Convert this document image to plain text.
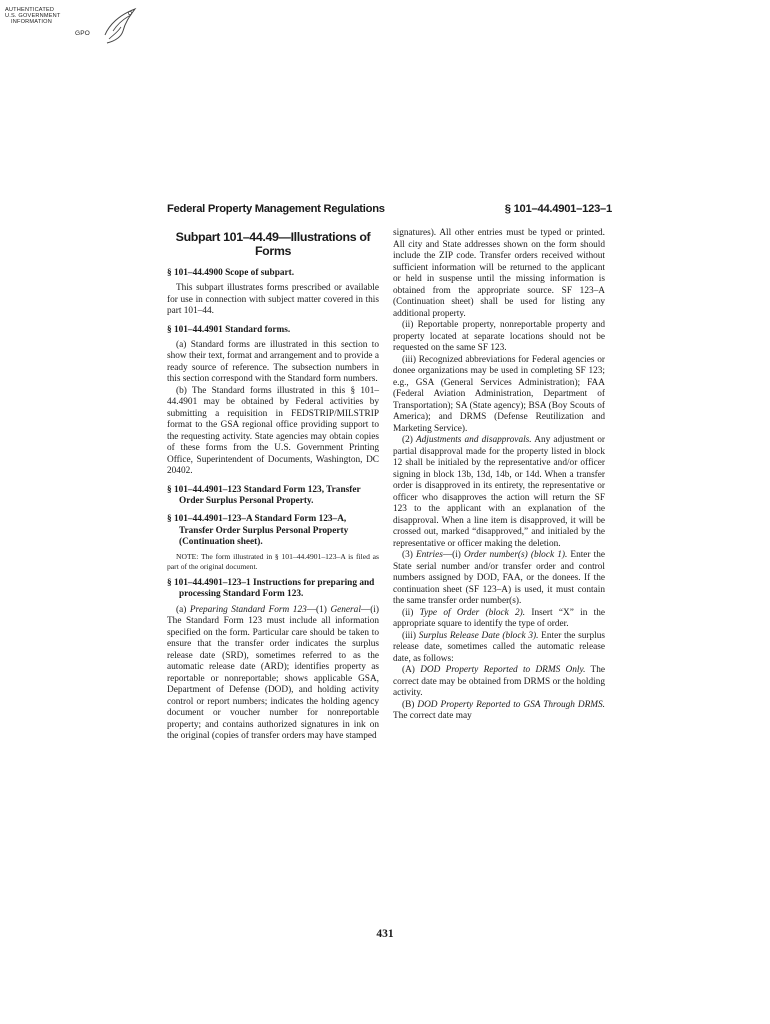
AUTHENTICATED
U.S. GOVERNMENT
INFORMATION
GPO
Federal Property Management Regulations	§ 101–44.4901–123–1
Subpart 101–44.49—Illustrations of Forms
§ 101–44.4900 Scope of subpart.

This subpart illustrates forms prescribed or available for use in connection with subject matter covered in this part 101–44.

§ 101–44.4901 Standard forms.

(a) Standard forms are illustrated in this section to show their text, format and arrangement and to provide a ready source of reference. The subsection numbers in this section correspond with the Standard form numbers.

(b) The Standard forms illustrated in this § 101–44.4901 may be obtained by Federal activities by submitting a requisition in FEDSTRIP/MILSTRIP format to the GSA regional office providing support to the requesting activity. State agencies may obtain copies of these forms from the U.S. Government Printing Office, Superintendent of Documents, Washington, DC 20402.

§ 101–44.4901–123 Standard Form 123, Transfer Order Surplus Personal Property.
§ 101–44.4901–123–A Standard Form 123–A, Transfer Order Surplus Personal Property (Continuation sheet).

NOTE: The form illustrated in § 101–44.4901–123–A is filed as part of the original document.

§ 101–44.4901–123–1 Instructions for preparing and processing Standard Form 123.

(a) Preparing Standard Form 123—(1) General—(i) The Standard Form 123 must include all information specified on the form. Particular care should be taken to ensure that the transfer order indicates the surplus release date (SRD), sometimes referred to as the automatic release date (ARD); identifies property as reportable or nonreportable; shows applicable GSA, Department of Defense (DOD), and holding activity control or report numbers; indicates the holding agency document or voucher number for nonreportable property; and contains authorized signatures in ink on the original (copies of transfer orders may have stamped

signatures). All other entries must be typed or printed. All city and State addresses shown on the form should include the ZIP code. Transfer orders received without sufficient information will be returned to the applicant or held in suspense until the missing information is obtained from the appropriate source. SF 123–A (Continuation sheet) shall be used for listing any additional property.

(ii) Reportable property, nonreportable property and property located at separate locations should not be requested on the same SF 123.

(iii) Recognized abbreviations for Federal agencies or donee organizations may be used in completing SF 123; e.g., GSA (General Services Administration); FAA (Federal Aviation Administration, Department of Transportation); SA (State agency); BSA (Boy Scouts of America); and DRMS (Defense Reutilization and Marketing Service).

(2) Adjustments and disapprovals. Any adjustment or partial disapproval made for the property listed in block 12 shall be initialed by the representative and/or officer signing in block 13b, 13d, 14b, or 14d. When a transfer order is disapproved in its entirety, the representative or officer who disapproves the action will return the SF 123 to the applicant with an explanation of the disapproval. When a line item is disapproved, it will be crossed out, marked “disapproved,” and initialed by the representative or officer making the deletion.

(3) Entries—(i) Order number(s) (block 1). Enter the State serial number and/or transfer order and control numbers assigned by DOD, FAA, or the donees. If the continuation sheet (SF 123–A) is used, it must contain the same transfer order number(s).

(ii) Type of Order (block 2). Insert “X” in the appropriate square to identify the type of order.

(iii) Surplus Release Date (block 3). Enter the surplus release date, sometimes called the automatic release date, as follows:

(A) DOD Property Reported to DRMS Only. The correct date may be obtained from DRMS or the holding activity.

(B) DOD Property Reported to GSA Through DRMS. The correct date may

431
